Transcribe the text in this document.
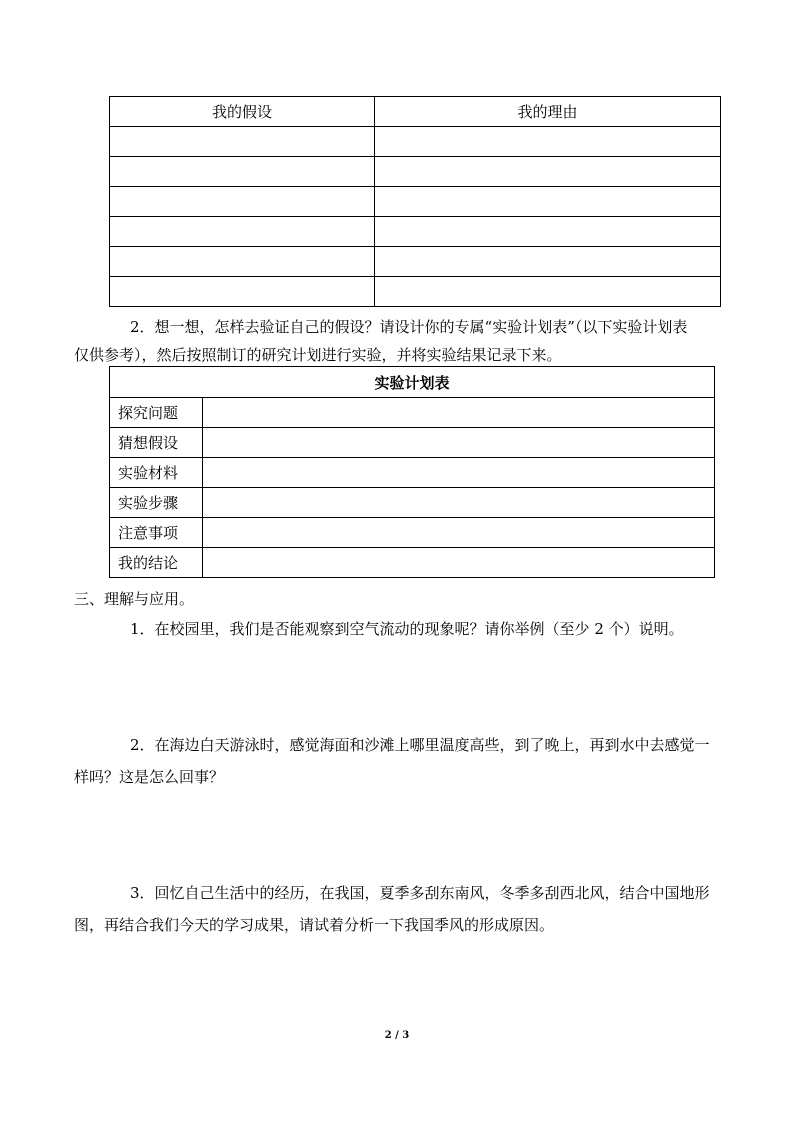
我的假设	我的理由

2．想一想，怎样去验证自己的假设？请设计你的专属“实验计划表”（以下实验计划表
仅供参考），然后按照制订的研究计划进行实验，并将实验结果记录下来。
实验计划表	
探究问题	
猜想假设	
实验材料	
实验步骤	
注意事项	
我的结论	
三、理解与应用。
1．在校园里，我们是否能观察到空气流动的现象呢？请你举例（至少 2 个）说明。
2．在海边白天游泳时，感觉海面和沙滩上哪里温度高些，到了晚上，再到水中去感觉一
样吗？这是怎么回事？
3．回忆自己生活中的经历，在我国，夏季多刮东南风，冬季多刮西北风，结合中国地形
图，再结合我们今天的学习成果，请试着分析一下我国季风的形成原因。
2 / 3
